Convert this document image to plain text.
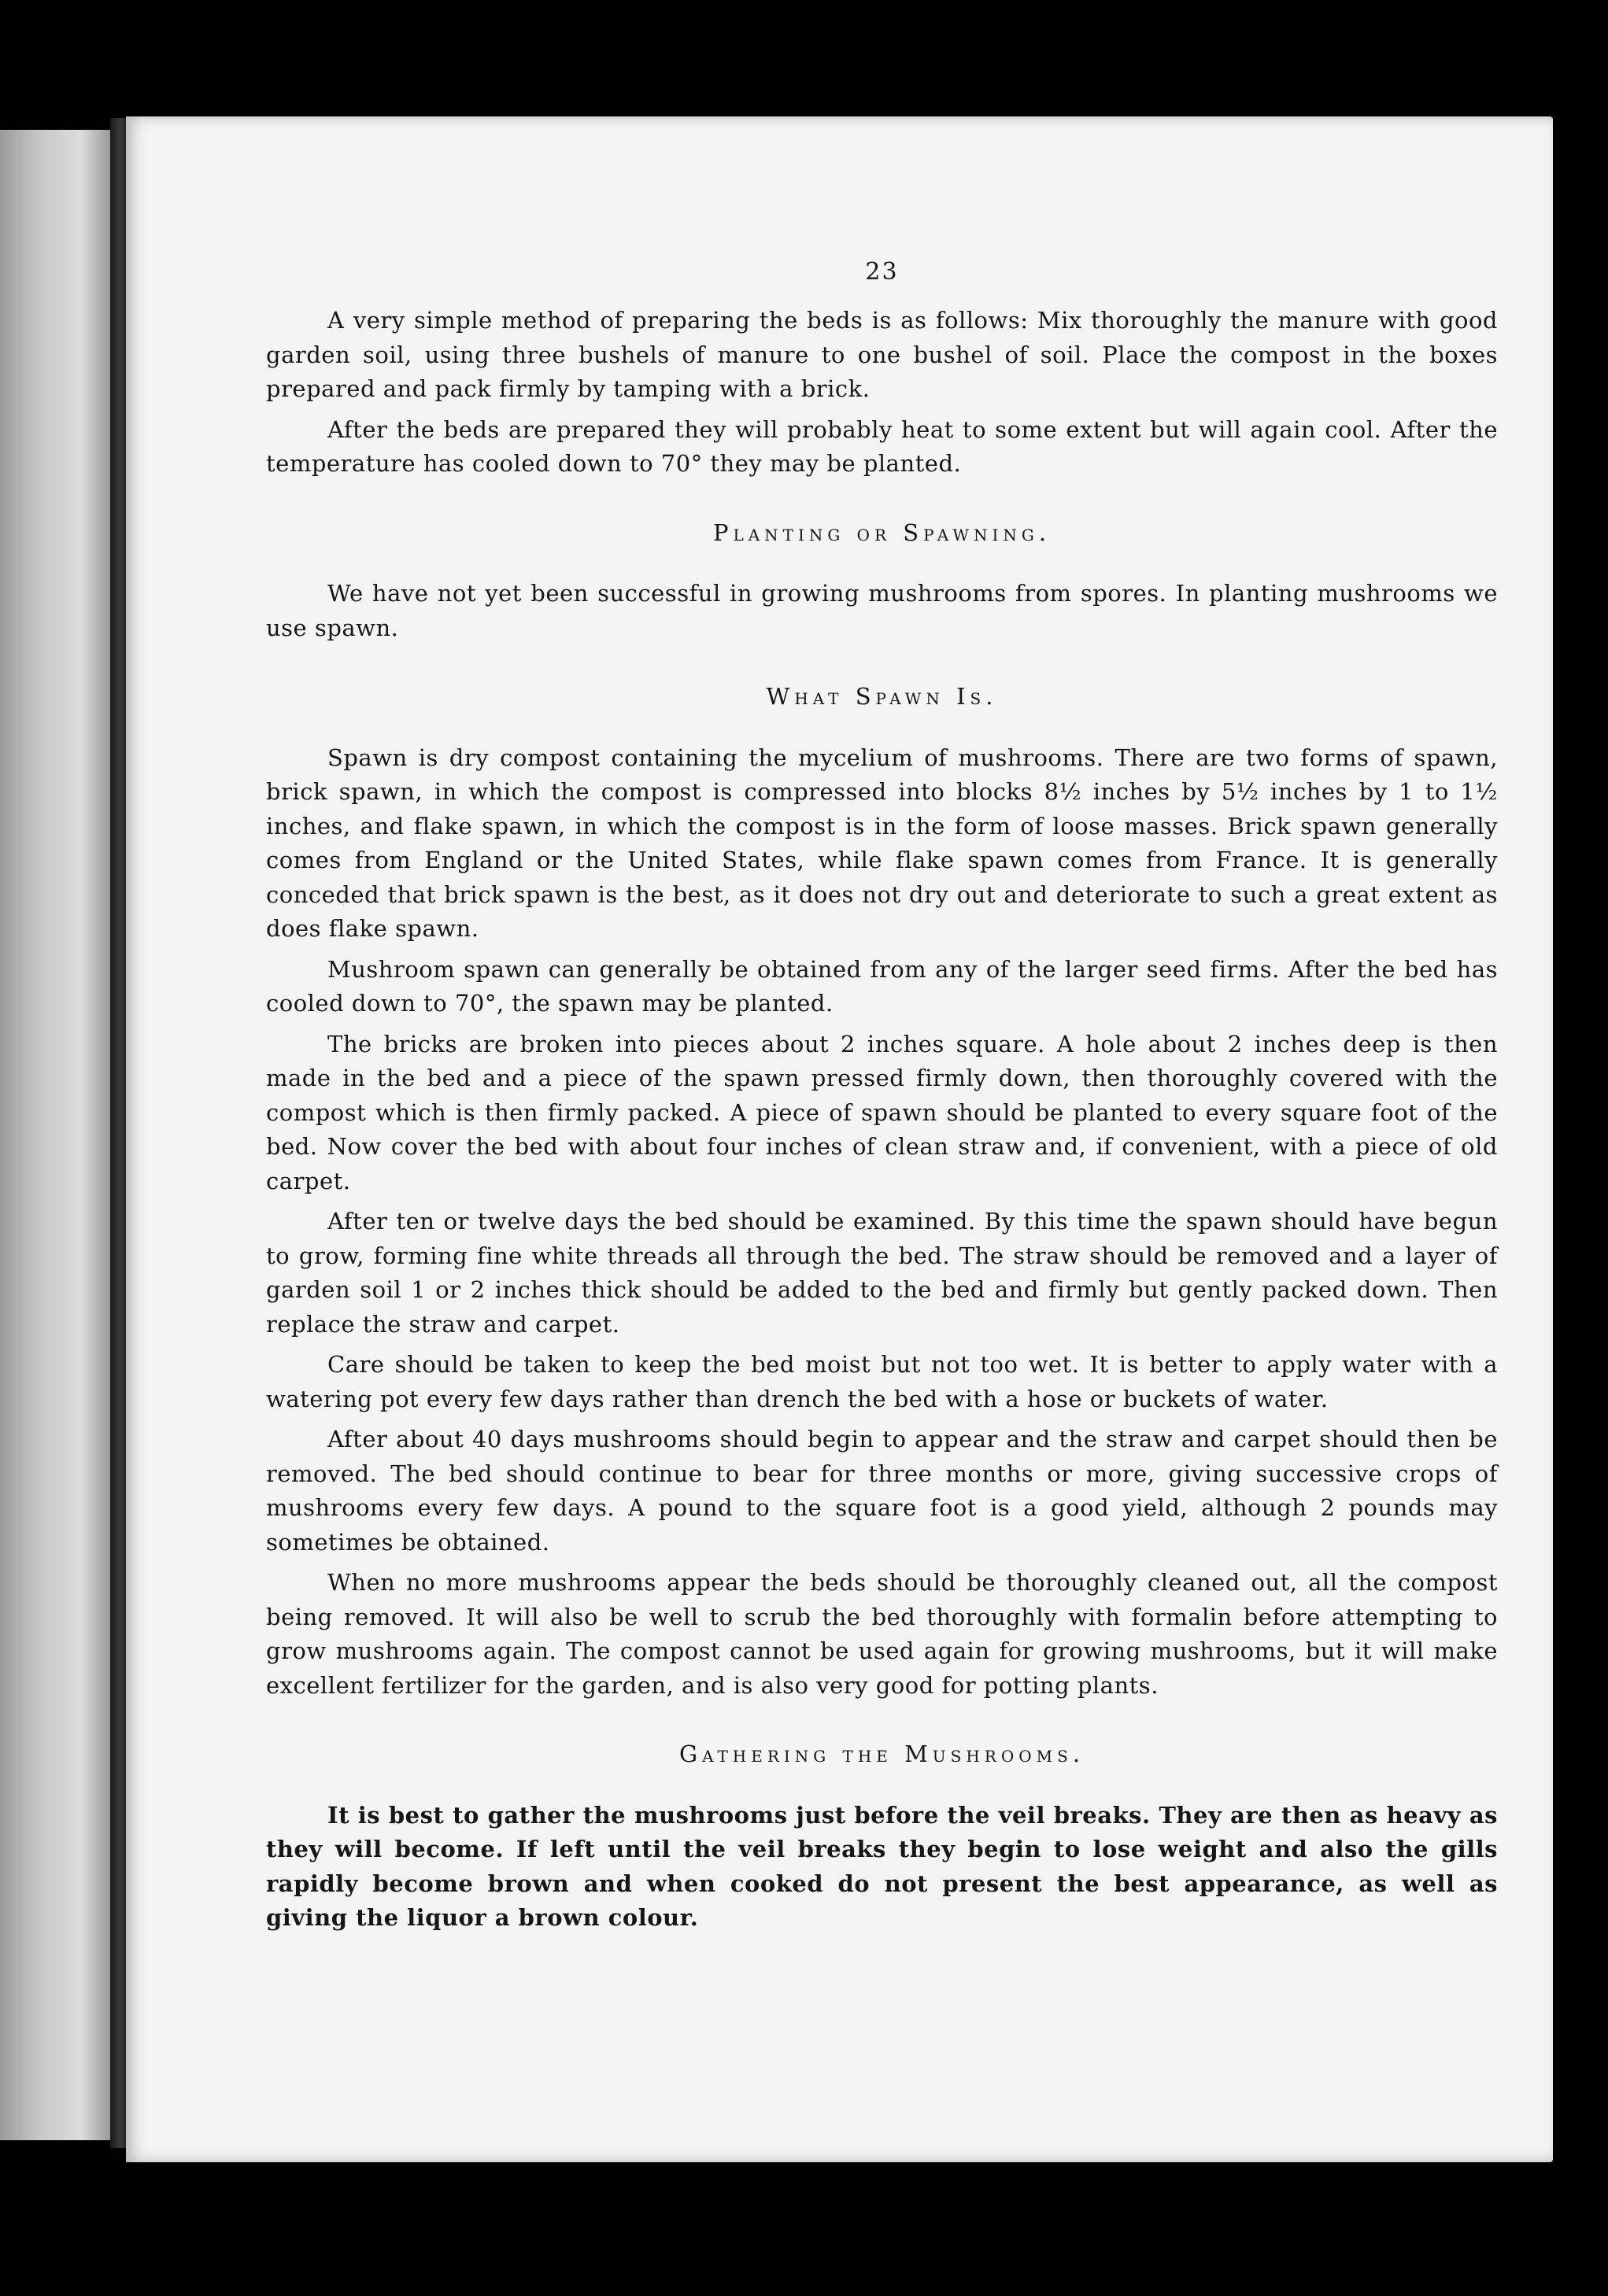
23

A very simple method of preparing the beds is as follows: Mix thoroughly the manure with good garden soil, using three bushels of manure to one bushel of soil. Place the compost in the boxes prepared and pack firmly by tamping with a brick.

After the beds are prepared they will probably heat to some extent but will again cool. After the temperature has cooled down to 70° they may be planted.

Planting or Spawning.

We have not yet been successful in growing mushrooms from spores. In planting mushrooms we use spawn.

What Spawn Is.

Spawn is dry compost containing the mycelium of mushrooms. There are two forms of spawn, brick spawn, in which the compost is compressed into blocks 8½ inches by 5½ inches by 1 to 1½ inches, and flake spawn, in which the compost is in the form of loose masses. Brick spawn generally comes from England or the United States, while flake spawn comes from France. It is generally conceded that brick spawn is the best, as it does not dry out and deteriorate to such a great extent as does flake spawn.

Mushroom spawn can generally be obtained from any of the larger seed firms. After the bed has cooled down to 70°, the spawn may be planted.

The bricks are broken into pieces about 2 inches square. A hole about 2 inches deep is then made in the bed and a piece of the spawn pressed firmly down, then thoroughly covered with the compost which is then firmly packed. A piece of spawn should be planted to every square foot of the bed. Now cover the bed with about four inches of clean straw and, if convenient, with a piece of old carpet.

After ten or twelve days the bed should be examined. By this time the spawn should have begun to grow, forming fine white threads all through the bed. The straw should be removed and a layer of garden soil 1 or 2 inches thick should be added to the bed and firmly but gently packed down. Then replace the straw and carpet.

Care should be taken to keep the bed moist but not too wet. It is better to apply water with a watering pot every few days rather than drench the bed with a hose or buckets of water.

After about 40 days mushrooms should begin to appear and the straw and carpet should then be removed. The bed should continue to bear for three months or more, giving successive crops of mushrooms every few days. A pound to the square foot is a good yield, although 2 pounds may sometimes be obtained.

When no more mushrooms appear the beds should be thoroughly cleaned out, all the compost being removed. It will also be well to scrub the bed thoroughly with formalin before attempting to grow mushrooms again. The compost cannot be used again for growing mushrooms, but it will make excellent fertilizer for the garden, and is also very good for potting plants.

Gathering the Mushrooms.

It is best to gather the mushrooms just before the veil breaks. They are then as heavy as they will become. If left until the veil breaks they begin to lose weight and also the gills rapidly become brown and when cooked do not present the best appearance, as well as giving the liquor a brown colour.
